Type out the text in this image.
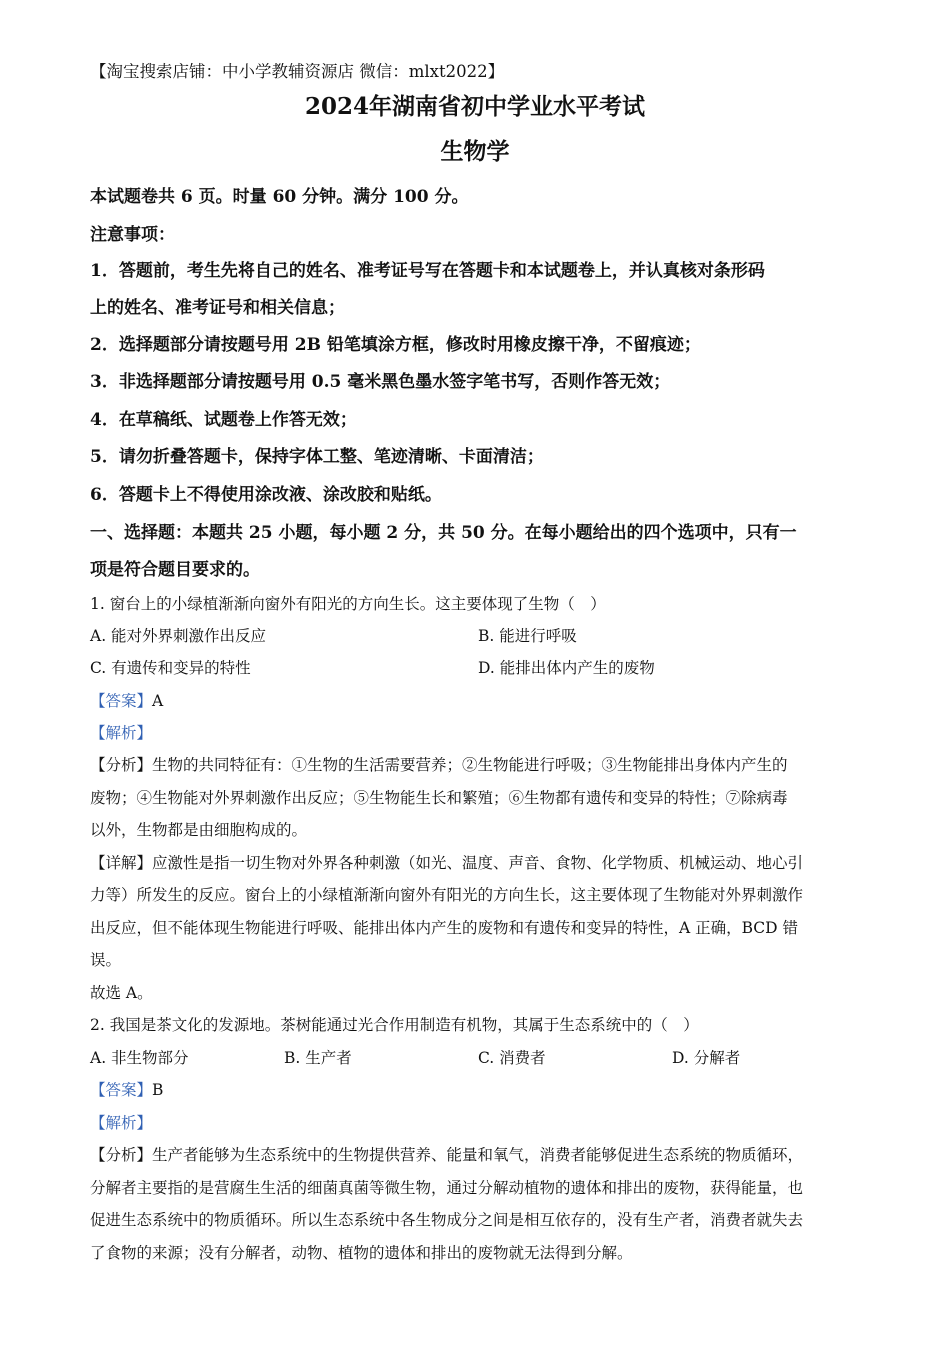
【淘宝搜索店铺：中小学教辅资源店 微信：mlxt2022】
2024年湖南省初中学业水平考试
生物学
本试题卷共 6 页。时量 60 分钟。满分 100 分。
注意事项：
1．答题前，考生先将自己的姓名、准考证号写在答题卡和本试题卷上，并认真核对条形码
上的姓名、准考证号和相关信息；
2．选择题部分请按题号用 2B 铅笔填涂方框，修改时用橡皮擦干净，不留痕迹；
3．非选择题部分请按题号用 0.5 毫米黑色墨水签字笔书写，否则作答无效；
4．在草稿纸、试题卷上作答无效；
5．请勿折叠答题卡，保持字体工整、笔迹清晰、卡面清洁；
6．答题卡上不得使用涂改液、涂改胶和贴纸。
一、选择题：本题共 25 小题，每小题 2 分，共 50 分。在每小题给出的四个选项中，只有一
项是符合题目要求的。
1. 窗台上的小绿植渐渐向窗外有阳光的方向生长。这主要体现了生物（　）
A. 能对外界刺激作出反应	B. 能进行呼吸
C. 有遗传和变异的特性	D. 能排出体内产生的废物
【答案】A
【解析】
【分析】生物的共同特征有：①生物的生活需要营养；②生物能进行呼吸；③生物能排出身体内产生的
废物；④生物能对外界刺激作出反应；⑤生物能生长和繁殖；⑥生物都有遗传和变异的特性；⑦除病毒
以外，生物都是由细胞构成的。
【详解】应激性是指一切生物对外界各种刺激（如光、温度、声音、食物、化学物质、机械运动、地心引
力等）所发生的反应。窗台上的小绿植渐渐向窗外有阳光的方向生长，这主要体现了生物能对外界刺激作
出反应，但不能体现生物能进行呼吸、能排出体内产生的废物和有遗传和变异的特性，A 正确，BCD 错
误。
故选 A。
2. 我国是茶文化的发源地。茶树能通过光合作用制造有机物，其属于生态系统中的（　）
A. 非生物部分	B. 生产者	C. 消费者	D. 分解者
【答案】B
【解析】
【分析】生产者能够为生态系统中的生物提供营养、能量和氧气，消费者能够促进生态系统的物质循环，
分解者主要指的是营腐生生活的细菌真菌等微生物，通过分解动植物的遗体和排出的废物，获得能量，也
促进生态系统中的物质循环。所以生态系统中各生物成分之间是相互依存的，没有生产者，消费者就失去
了食物的来源；没有分解者，动物、植物的遗体和排出的废物就无法得到分解。
